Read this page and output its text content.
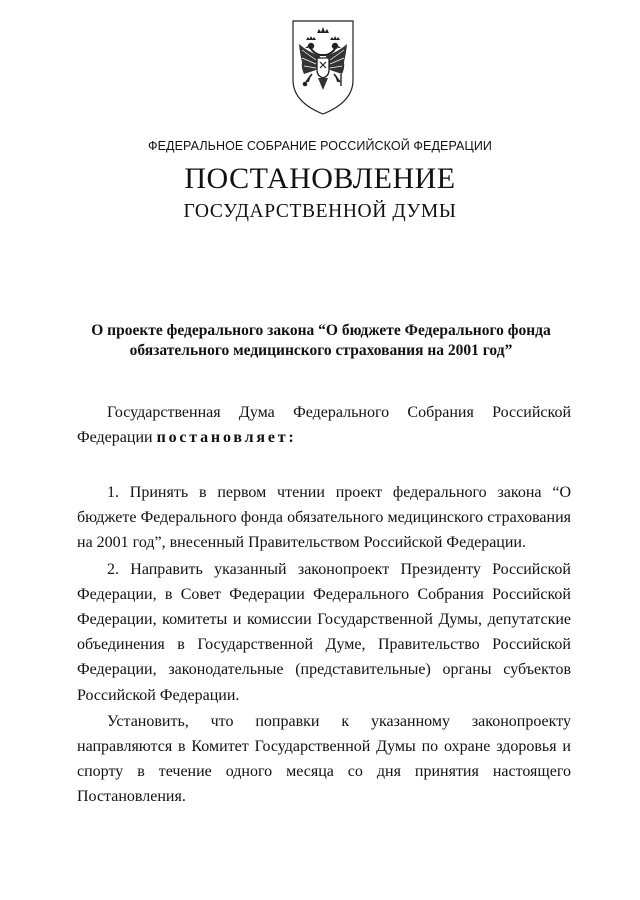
ФЕДЕРАЛЬНОЕ СОБРАНИЕ РОССИЙСКОЙ ФЕДЕРАЦИИ
ПОСТАНОВЛЕНИЕ
ГОСУДАРСТВЕННОЙ ДУМЫ
О проекте федерального закона “О бюджете Федерального фонда
обязательного медицинского страхования на 2001 год”

Государственная Дума Федерального Собрания Российской Федерации постановляет:

1. Принять в первом чтении проект федерального закона “О бюджете Федерального фонда обязательного медицинского страхования на 2001 год”, внесенный Правительством Российской Федерации.

2. Направить указанный законопроект Президенту Российской Федерации, в Совет Федерации Федерального Собрания Российской Федерации, комитеты и комиссии Государственной Думы, депутатские объединения в Государственной Думе, Правительство Российской Федерации, законодательные (представительные) органы субъектов Российской Федерации.

Установить, что поправки к указанному законопроекту направляются в Комитет Государственной Думы по охране здоровья и спорту в течение одного месяца со дня принятия настоящего Постановления.
